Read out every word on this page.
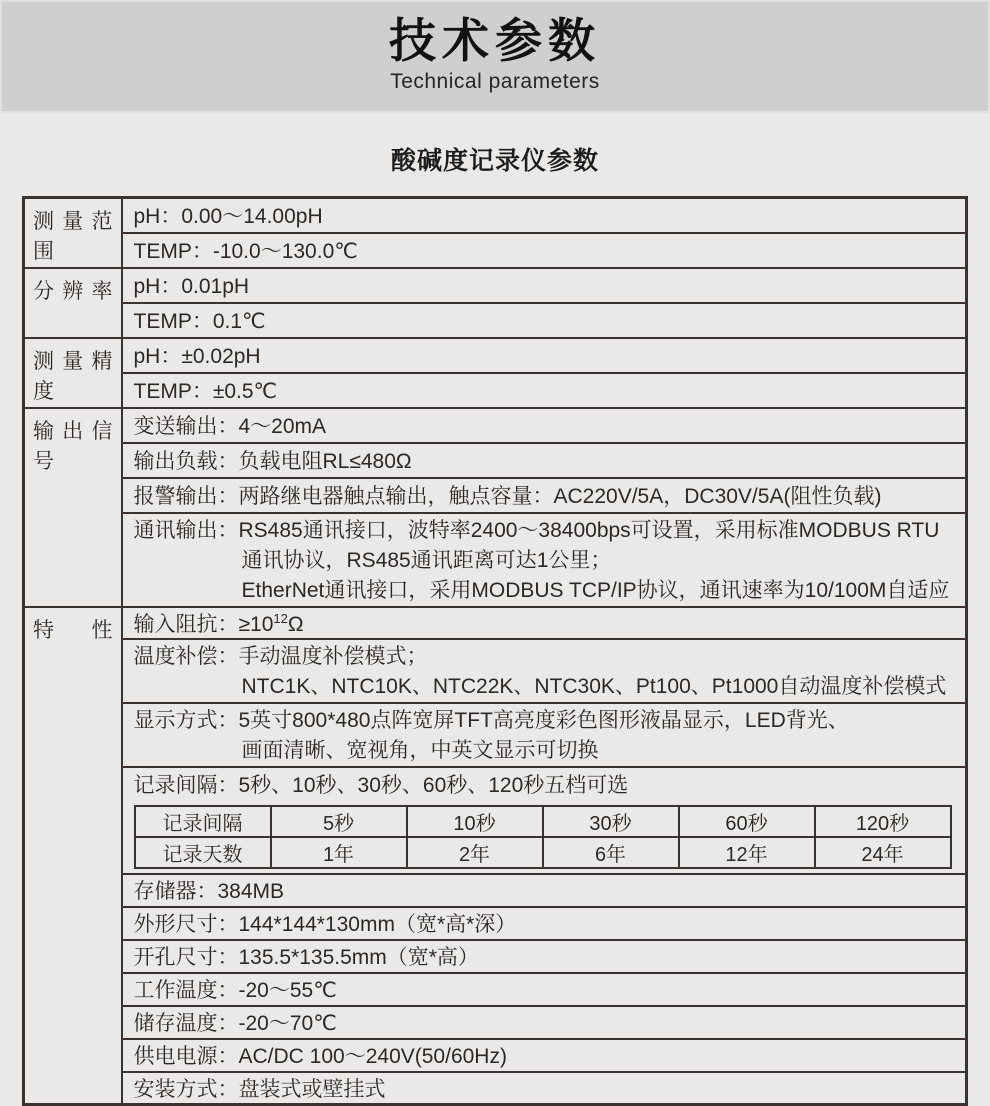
技术参数
Technical parameters
酸碱度记录仪参数
测量范围	pH：0.00～14.00pH
TEMP：-10.0～130.0℃
分 辨 率	pH：0.01pH
TEMP：0.1℃
测量精度	pH：±0.02pH
TEMP：±0.5℃
输出信号	变送输出：4～20mA
输出负载：负载电阻RL≤480Ω
报警输出：两路继电器触点输出，触点容量：AC220V/5A，DC30V/5A(阻性负载)

通讯输出：RS485通讯接口，波特率2400～38400bps可设置，采用标准MODBUS RTU
通讯协议，RS485通讯距离可达1公里；
EtherNet通讯接口，采用MODBUS TCP/IP协议，通讯速率为10/100M自适应

特 性	输入阻抗：$\ge 10^{12}\Omega$

温度补偿：手动温度补偿模式；
NTC1K、NTC10K、NTC22K、NTC30K、Pt100、Pt1000自动温度补偿模式

显示方式：5英寸800*480点阵宽屏TFT高亮度彩色图形液晶显示，LED背光、
画面清晰、宽视角，中英文显示可切换

记录间隔：5秒、10秒、30秒、60秒、120秒五档可选
记录间隔	5秒	10秒	30秒	60秒	120秒
记录天数	1年	2年	6年	12年	24年

存储器：384MB
外形尺寸：144*144*130mm（宽*高*深）
开孔尺寸：135.5*135.5mm（宽*高）
工作温度：-20～55℃
储存温度：-20～70℃
供电电源：AC/DC 100～240V(50/60Hz)
安装方式：盘装式或壁挂式
